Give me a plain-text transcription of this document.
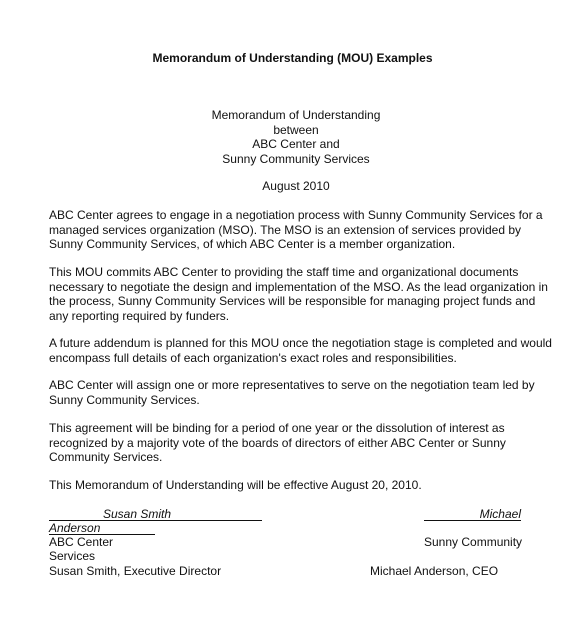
Memorandum of Understanding (MOU) Examples
Memorandum of Understanding
between
ABC Center and
Sunny Community Services
August 2010

ABC Center agrees to engage in a negotiation process with Sunny Community Services for a managed services organization (MSO). The MSO is an extension of services provided by Sunny Community Services, of which ABC Center is a member organization.

This MOU commits ABC Center to providing the staff time and organizational documents necessary to negotiate the design and implementation of the MSO. As the lead organization in the process, Sunny Community Services will be responsible for managing project funds and any reporting required by funders.

A future addendum is planned for this MOU once the negotiation stage is completed and would encompass full details of each organization's exact roles and responsibilities.

ABC Center will assign one or more representatives to serve on the negotiation team led by Sunny Community Services.

This agreement will be binding for a period of one year or the dissolution of interest as recognized by a majority vote of the boards of directors of either ABC Center or Sunny Community Services.

This Memorandum of Understanding will be effective August 20, 2010.

Susan Smith
Anderson
ABC Center
Services
Susan Smith, Executive Director
Michael
Sunny Community
Michael Anderson, CEO
